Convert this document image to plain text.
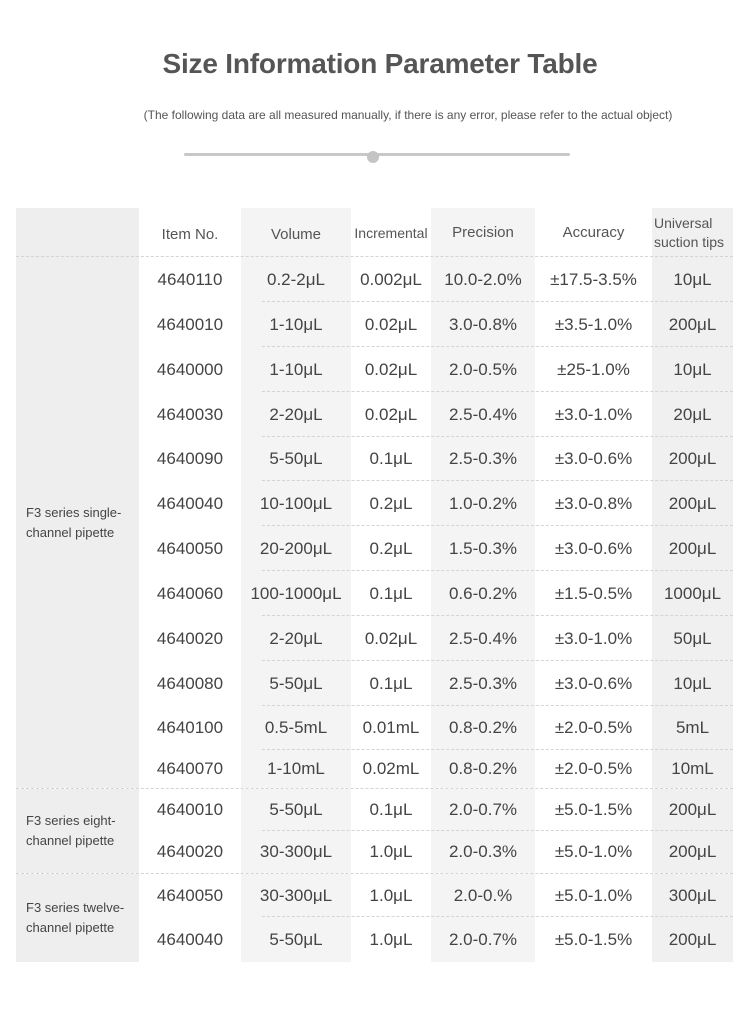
Size Information Parameter Table
(The following data are all measured manually, if there is any error, please refer to the actual object)
Item No.	Volume	Incremental	Precision	Accuracy
Universal suction tips
F3 series single-channel pipette
4640110	0.2-2μL	0.002μL	10.0-2.0%	±17.5-3.5%	10μL
4640010	1-10μL	0.02μL	3.0-0.8%	±3.5-1.0%	200μL
4640000	1-10μL	0.02μL	2.0-0.5%	±25-1.0%	10μL
4640030	2-20μL	0.02μL	2.5-0.4%	±3.0-1.0%	20μL
4640090	5-50μL	0.1μL	2.5-0.3%	±3.0-0.6%	200μL
4640040	10-100μL	0.2μL	1.0-0.2%	±3.0-0.8%	200μL
4640050	20-200μL	0.2μL	1.5-0.3%	±3.0-0.6%	200μL
4640060	100-1000μL	0.1μL	0.6-0.2%	±1.5-0.5%	1000μL
4640020	2-20μL	0.02μL	2.5-0.4%	±3.0-1.0%	50μL
4640080	5-50μL	0.1μL	2.5-0.3%	±3.0-0.6%	10μL
4640100	0.5-5mL	0.01mL	0.8-0.2%	±2.0-0.5%	5mL
4640070	1-10mL	0.02mL	0.8-0.2%	±2.0-0.5%	10mL
F3 series eight-channel pipette
4640010	5-50μL	0.1μL	2.0-0.7%	±5.0-1.5%	200μL
4640020	30-300μL	1.0μL	2.0-0.3%	±5.0-1.0%	200μL
F3 series twelve-channel pipette
4640050	30-300μL	1.0μL	2.0-0.%	±5.0-1.0%	300μL
4640040	5-50μL	1.0μL	2.0-0.7%	±5.0-1.5%	200μL
